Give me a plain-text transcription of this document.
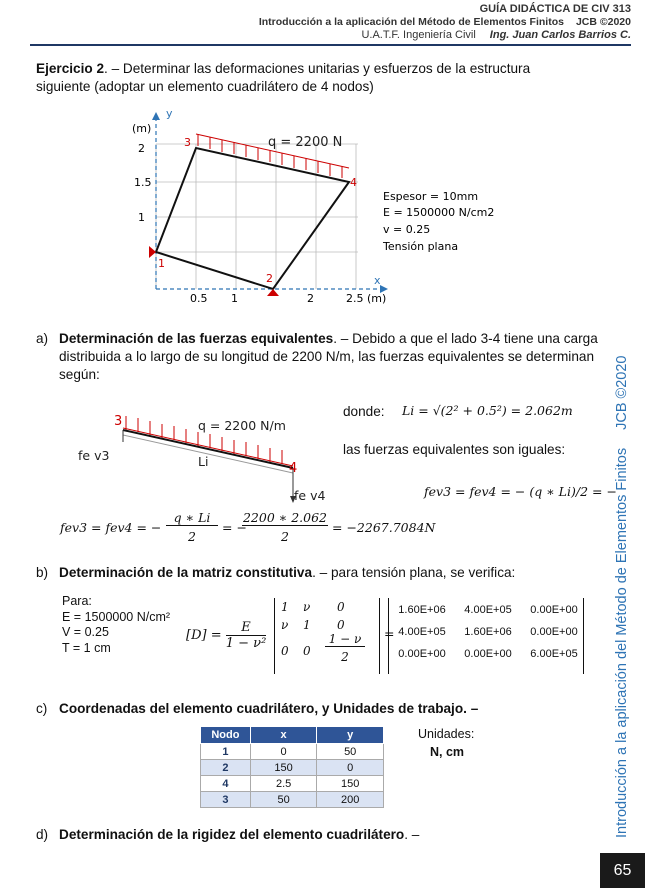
GUÍA DIDÁCTICA DE CIV 313
Introducción a la aplicación del Método de Elementos Finitos JCB ©2020
U.A.T.F. Ingeniería Civil Ing. Juan Carlos Barrios C.
Introducción a la aplicación del Método de Elementos FinitosJCB ©2020
65
Ejercicio 2. – Determinar las deformaciones unitarias y esfuerzos de la estructura siguiente (adoptar un elemento cuadrilátero de 4 nodos)
y
x
(m)
2
1.5
1
0.5 1	2	2.5 (m)
q = 2200 N
3
4
1
2
Espesor = 10mm
E = 1500000 N/cm2
v = 0.25
Tensión plana
a) Determinación de las fuerzas equivalentes. – Debido a que el lado 3-4 tiene una carga distribuida a lo largo de su longitud de 2200 N/m, las fuerzas equivalentes se determinan según:
3
4
q = 2200 N/m
Li
fe v3
fe v4
donde: Li = √(2² + 0.5²) = 2.062m
las fuerzas equivalentes son iguales:
fev3 = fev4 = − (q ∗ Li)/2 = −
fev3 = fev4 = −
q ∗ Li
2
= −
2200 ∗ 2.062
2
= −2267.7084N
b) Determinación de la matriz constitutiva. – para tensión plana, se verifica:
Para:
E = 1500000 N/cm²
V = 0.25
T = 1 cm
$[D] = \frac{E}{\text{1 − ν²}}$
1 ν 0
ν 1 0
0 0
1 − ν
2
=
1.60E+06	4.00E+05	0.00E+00
4.00E+05	1.60E+06	0.00E+00
0.00E+00	0.00E+00	6.00E+05
c) Coordenadas del elemento cuadrilátero, y Unidades de trabajo. –
Nodo	x	y
1	0	50
2	150	0
4	2.5	150
3	50	200
Unidades:
N, cm
d) Determinación de la rigidez del elemento cuadrilátero. –
